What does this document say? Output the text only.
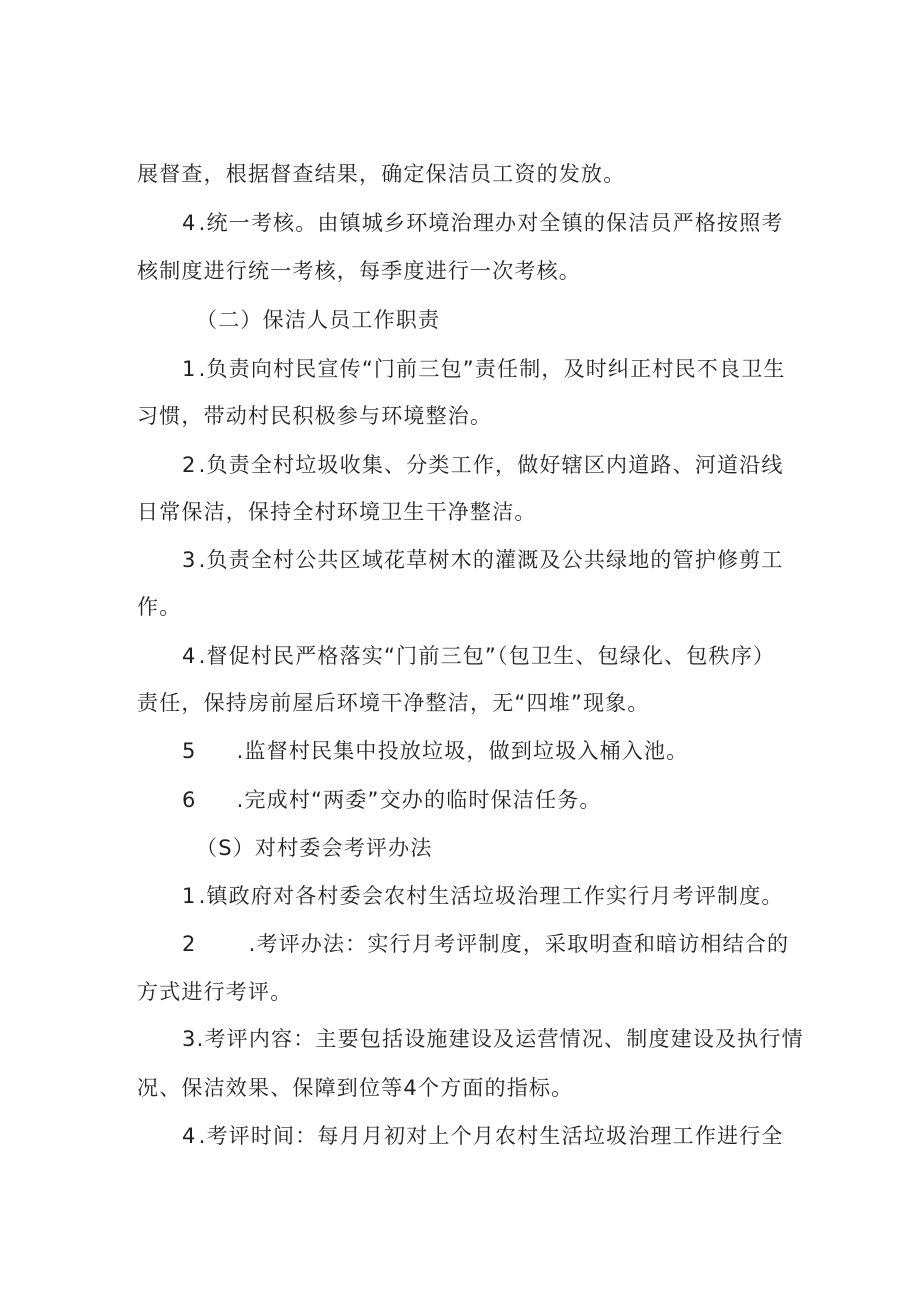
展督查，根据督查结果，确定保洁员工资的发放。
4.统一考核。由镇城乡环境治理办对全镇的保洁员严格按照考
核制度进行统一考核，每季度进行一次考核。
（二）保洁人员工作职责
1.负责向村民宣传“门前三包”责任制，及时纠正村民不良卫生
习惯，带动村民积极参与环境整治。
2.负责全村垃圾收集、分类工作，做好辖区内道路、河道沿线
日常保洁，保持全村环境卫生干净整洁。
3.负责全村公共区域花草树木的灌溉及公共绿地的管护修剪工
作。
4.督促村民严格落实“门前三包”（包卫生、包绿化、包秩序）
责任，保持房前屋后环境干净整洁，无“四堆”现象。
5 .监督村民集中投放垃圾，做到垃圾入桶入池。
6 .完成村“两委”交办的临时保洁任务。
（S）对村委会考评办法
1.镇政府对各村委会农村生活垃圾治理工作实行月考评制度。
2 .考评办法：实行月考评制度，采取明查和暗访相结合的
方式进行考评。
3.考评内容：主要包括设施建设及运营情况、制度建设及执行情
况、保洁效果、保障到位等4个方面的指标。
4.考评时间：每月月初对上个月农村生活垃圾治理工作进行全
